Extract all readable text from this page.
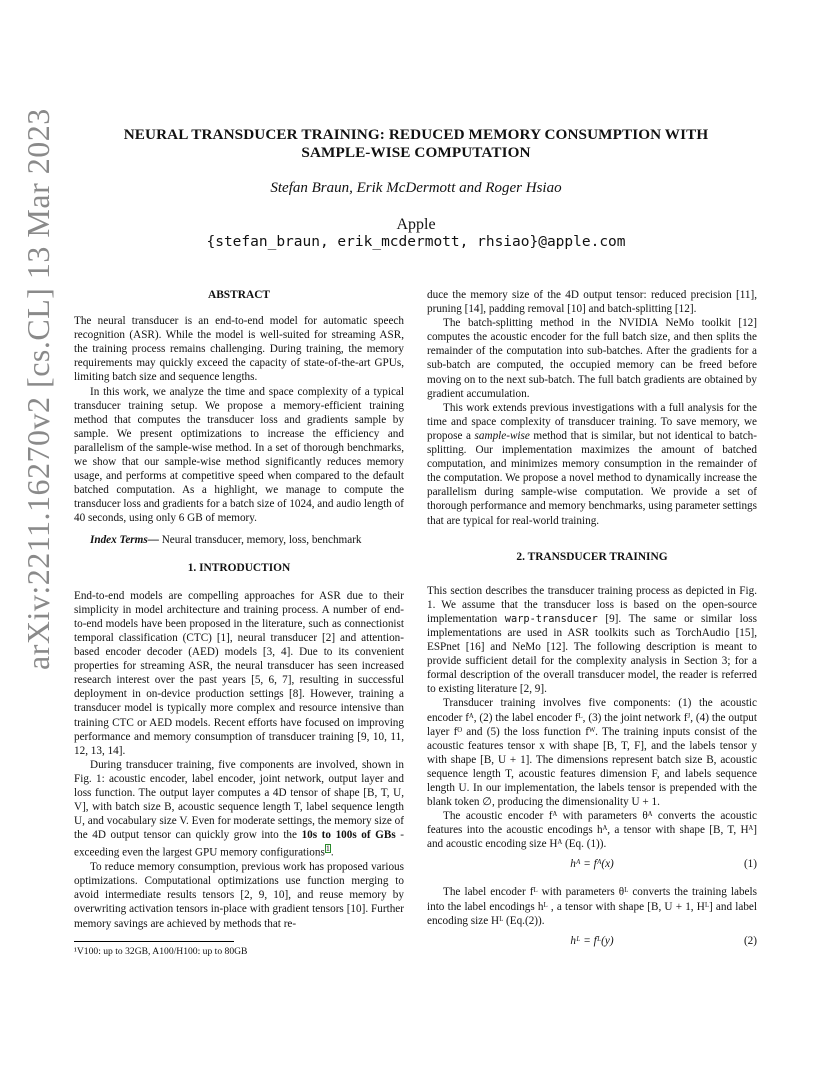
arXiv:2211.16270v2 [cs.CL] 13 Mar 2023	NEURAL TRANSDUCER TRAINING: REDUCED MEMORY CONSUMPTION WITH
SAMPLE-WISE COMPUTATION
Stefan Braun, Erik McDermott and Roger Hsiao
Apple
{stefan_braun, erik_mcdermott, rhsiao}@apple.com

ABSTRACT

The neural transducer is an end-to-end model for automatic speech recognition (ASR). While the model is well-suited for streaming ASR, the training process remains challenging. During training, the memory requirements may quickly exceed the capacity of state-of-the-art GPUs, limiting batch size and sequence lengths.

In this work, we analyze the time and space complexity of a typical transducer training setup. We propose a memory-efficient training method that computes the transducer loss and gradients sample by sample. We present optimizations to increase the efficiency and parallelism of the sample-wise method. In a set of thorough benchmarks, we show that our sample-wise method significantly reduces memory usage, and performs at competitive speed when compared to the default batched computation. As a highlight, we manage to compute the transducer loss and gradients for a batch size of 1024, and audio length of 40 seconds, using only 6 GB of memory.

Index Terms— Neural transducer, memory, loss, benchmark

1. INTRODUCTION

End-to-end models are compelling approaches for ASR due to their simplicity in model architecture and training process. A number of end-to-end models have been proposed in the literature, such as connectionist temporal classification (CTC) [1], neural transducer [2] and attention-based encoder decoder (AED) models [3, 4]. Due to its convenient properties for streaming ASR, the neural transducer has seen increased research interest over the past years [5, 6, 7], resulting in successful deployment in on-device production settings [8]. However, training a transducer model is typically more complex and resource intensive than training CTC or AED models. Recent efforts have focused on improving performance and memory consumption of transducer training [9, 10, 11, 12, 13, 14].

During transducer training, five components are involved, shown in Fig. 1: acoustic encoder, label encoder, joint network, output layer and loss function. The output layer computes a 4D tensor of shape [B, T, U, V], with batch size B, acoustic sequence length T, label sequence length U, and vocabulary size V. Even for moderate settings, the memory size of the 4D output tensor can quickly grow into the 10s to 100s of GBs - exceeding even the largest GPU memory configurations$^1$.

To reduce memory consumption, previous work has proposed various optimizations. Computational optimizations use function merging to avoid intermediate results tensors [2, 9, 10], and reuse memory by overwriting activation tensors in-place with gradient tensors [10]. Further memory savings are achieved by methods that re-

¹V100: up to 32GB, A100/H100: up to 80GB

duce the memory size of the 4D output tensor: reduced precision [11], pruning [14], padding removal [10] and batch-splitting [12].

The batch-splitting method in the NVIDIA NeMo toolkit [12] computes the acoustic encoder for the full batch size, and then splits the remainder of the computation into sub-batches. After the gradients for a sub-batch are computed, the occupied memory can be freed before moving on to the next sub-batch. The full batch gradients are obtained by gradient accumulation.

This work extends previous investigations with a full analysis for the time and space complexity of transducer training. To save memory, we propose a sample-wise method that is similar, but not identical to batch-splitting. Our implementation maximizes the amount of batched computation, and minimizes memory consumption in the remainder of the computation. We propose a novel method to dynamically increase the parallelism during sample-wise computation. We provide a set of thorough performance and memory benchmarks, using parameter settings that are typical for real-world training.

2. TRANSDUCER TRAINING

This section describes the transducer training process as depicted in Fig. 1. We assume that the transducer loss is based on the open-source implementation warp-transducer [9]. The same or similar loss implementations are used in ASR toolkits such as TorchAudio [15], ESPnet [16] and NeMo [12]. The following description is meant to provide sufficient detail for the complexity analysis in Section 3; for a formal description of the overall transducer model, the reader is referred to existing literature [2, 9].

Transducer training involves five components: (1) the acoustic encoder fᴬ, (2) the label encoder fᴸ, (3) the joint network fᴶ, (4) the output layer fᴼ and (5) the loss function fᵂ. The training inputs consist of the acoustic features tensor x with shape [B, T, F], and the labels tensor y with shape [B, U + 1]. The dimensions represent batch size B, acoustic sequence length T, acoustic features dimension F, and labels sequence length U. In our implementation, the labels tensor is prepended with the blank token ∅, producing the dimensionality U + 1.

The acoustic encoder fᴬ with parameters θᴬ converts the acoustic features into the acoustic encodings hᴬ, a tensor with shape [B, T, Hᴬ] and acoustic encoding size Hᴬ (Eq. (1)).

hᴬ = fᴬ(x)	(1)

The label encoder fᴸ with parameters θᴸ converts the training labels into the label encodings hᴸ , a tensor with shape [B, U + 1, Hᴸ] and label encoding size Hᴸ (Eq.(2)).

hᴸ = fᴸ(y)	(2)
